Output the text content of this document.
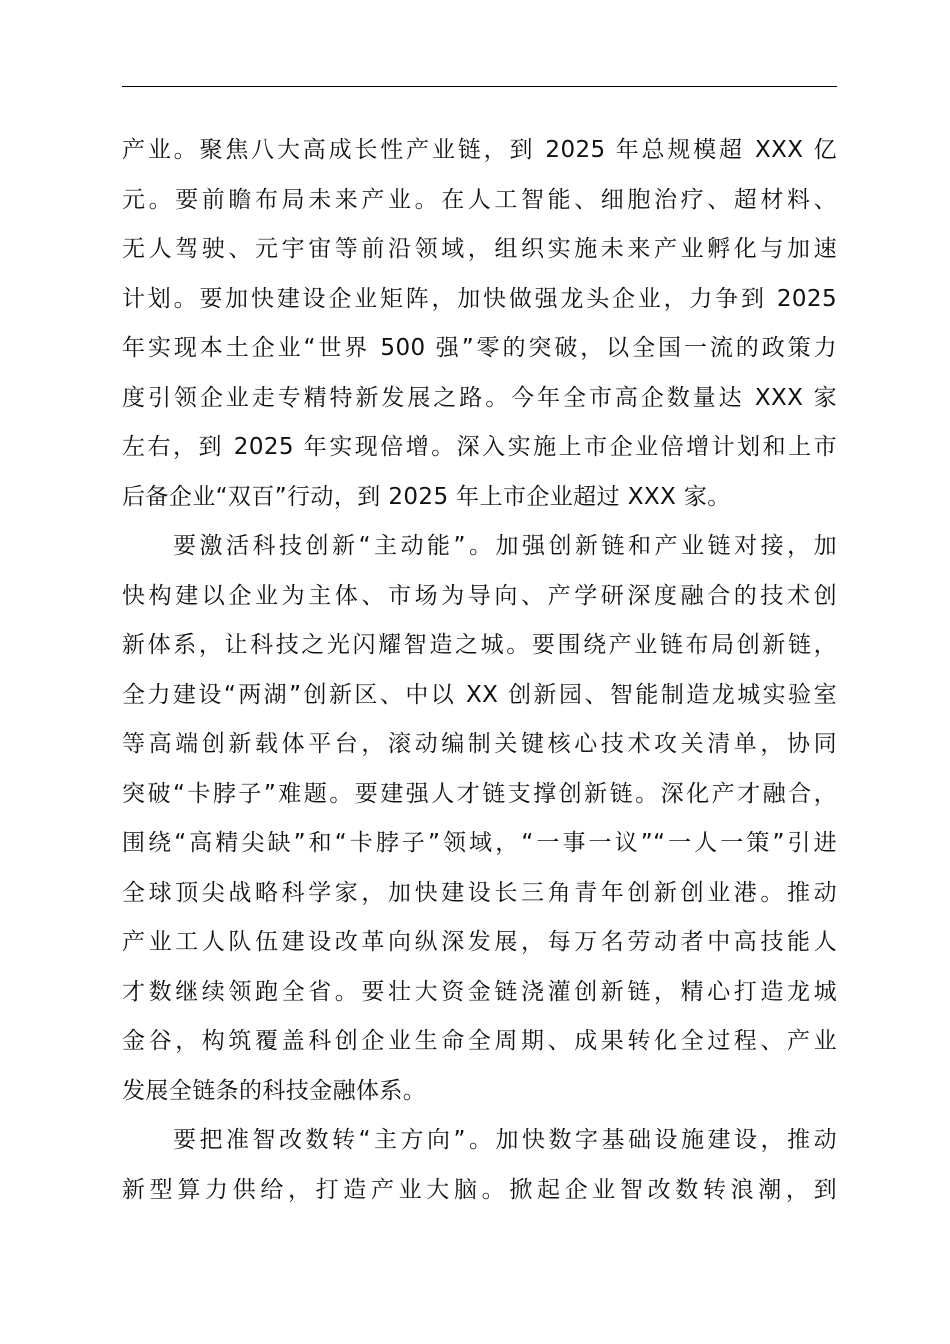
产业。聚焦八大高成长性产业链，到 2025 年总规模超 XXX 亿
元。要前瞻布局未来产业。在人工智能、细胞治疗、超材料、
无人驾驶、元宇宙等前沿领域，组织实施未来产业孵化与加速
计划。要加快建设企业矩阵，加快做强龙头企业，力争到 2025
年实现本土企业“世界 500 强”零的突破，以全国一流的政策力
度引领企业走专精特新发展之路。今年全市高企数量达 XXX 家
左右，到 2025 年实现倍增。深入实施上市企业倍增计划和上市
后备企业“双百”行动，到 2025 年上市企业超过 XXX 家。
要激活科技创新“主动能”。加强创新链和产业链对接，加
快构建以企业为主体、市场为导向、产学研深度融合的技术创
新体系，让科技之光闪耀智造之城。要围绕产业链布局创新链，
全力建设“两湖”创新区、中以 XX 创新园、智能制造龙城实验室
等高端创新载体平台，滚动编制关键核心技术攻关清单，协同
突破“卡脖子”难题。要建强人才链支撑创新链。深化产才融合，
围绕“高精尖缺”和“卡脖子”领域，“一事一议”“一人一策”引进
全球顶尖战略科学家，加快建设长三角青年创新创业港。推动
产业工人队伍建设改革向纵深发展，每万名劳动者中高技能人
才数继续领跑全省。要壮大资金链浇灌创新链，精心打造龙城
金谷，构筑覆盖科创企业生命全周期、成果转化全过程、产业
发展全链条的科技金融体系。
要把准智改数转“主方向”。加快数字基础设施建设，推动
新型算力供给，打造产业大脑。掀起企业智改数转浪潮，到
